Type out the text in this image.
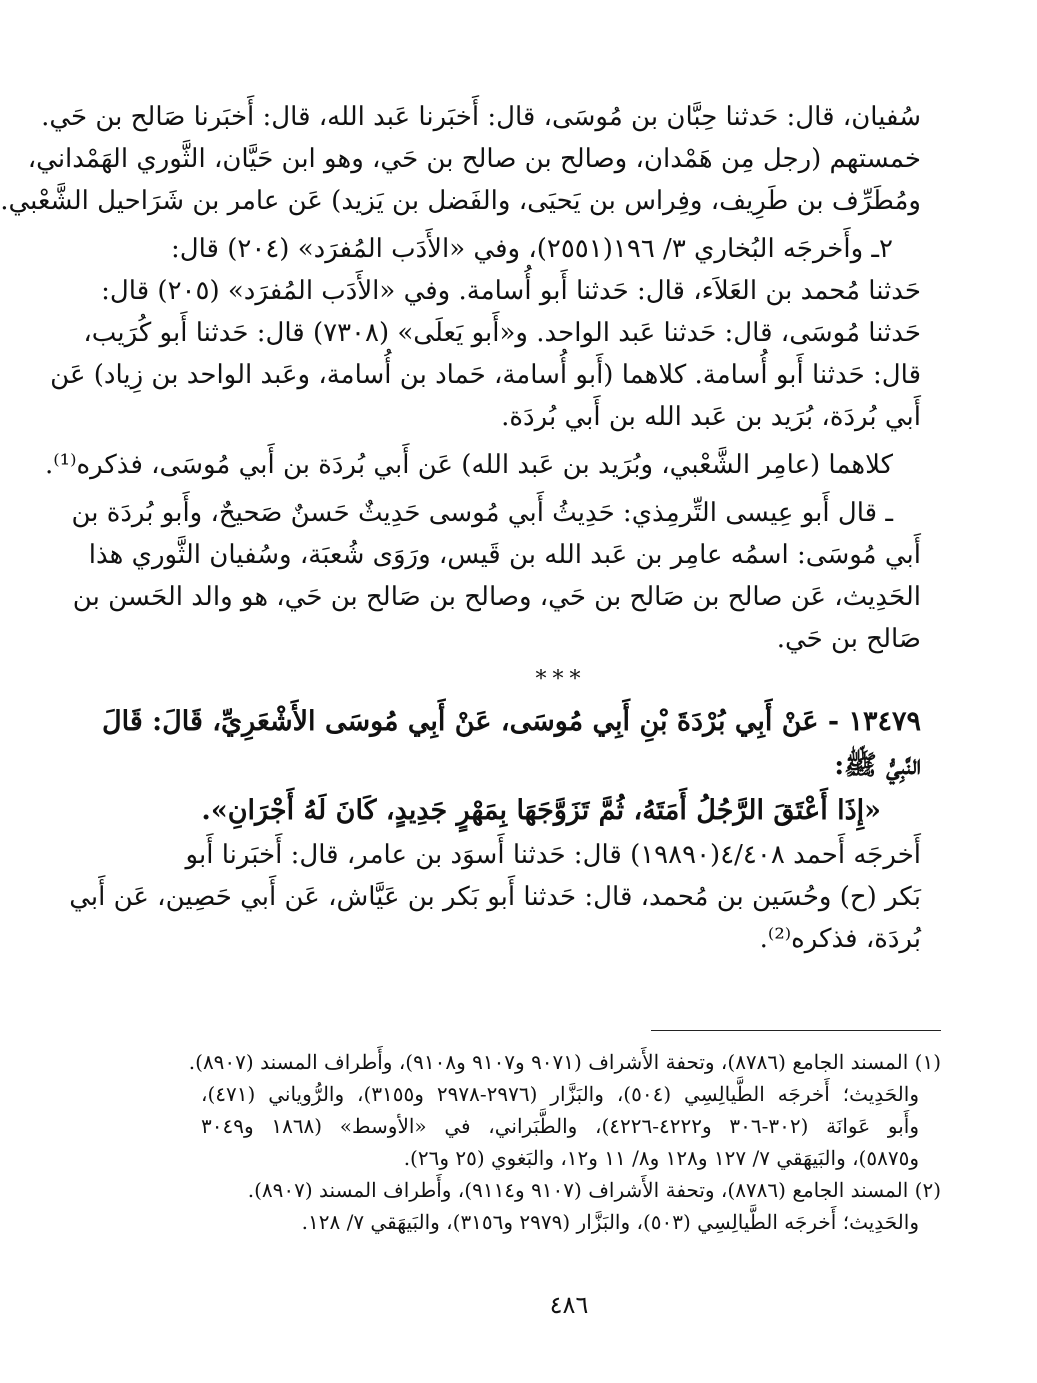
سُفيان، قال: حَدثنا حِبَّان بن مُوسَى، قال: أَخبَرنا عَبد الله، قال: أَخبَرنا صَالح بن حَي.
خمستهم (رجل مِن هَمْدان، وصالح بن صالح بن حَي، وهو ابن حَيَّان، الثَّوري الهَمْداني،
ومُطَرِّف بن طَرِيف، وفِراس بن يَحيَى، والفَضل بن يَزيد) عَن عامر بن شَرَاحيل الشَّعْبي.
٢ـ وأَخرجَه البُخاري ٣/ ١٩٦(٢٥٥١)، وفي «الأَدَب المُفرَد» (٢٠٤) قال:
حَدثنا مُحمد بن العَلاَء، قال: حَدثنا أَبو أُسامة. وفي «الأَدَب المُفرَد» (٢٠٥) قال:
حَدثنا مُوسَى، قال: حَدثنا عَبد الواحد. و«أَبو يَعلَى» (٧٣٠٨) قال: حَدثنا أَبو كُرَيب،
قال: حَدثنا أَبو أُسامة. كلاهما (أَبو أُسامة، حَماد بن أُسامة، وعَبد الواحد بن زِياد) عَن
أَبي بُردَة، بُرَيد بن عَبد الله بن أَبي بُردَة.
كلاهما (عامِر الشَّعْبي، وبُرَيد بن عَبد الله) عَن أَبي بُردَة بن أَبي مُوسَى، فذكره⁽¹⁾.
ـ قال أَبو عِيسى التِّرمِذي: حَدِيثُ أَبي مُوسى حَدِيثٌ حَسنٌ صَحيحٌ، وأَبو بُردَة بن
أَبي مُوسَى: اسمُه عامِر بن عَبد الله بن قَيس، ورَوَى شُعبَة، وسُفيان الثَّوري هذا
الحَدِيث، عَن صالح بن صَالح بن حَي، وصالح بن صَالح بن حَي، هو والد الحَسن بن
صَالح بن حَي.
***
١٣٤٧٩ - عَنْ أَبِي بُرْدَةَ بْنِ أَبِي مُوسَى، عَنْ أَبِي مُوسَى الأَشْعَرِيِّ، قَالَ: قَالَ
النَّبِيُّ ﷺ:
«إِذَا أَعْتَقَ الرَّجُلُ أَمَتَهُ، ثُمَّ تَزَوَّجَهَا بِمَهْرٍ جَدِيدٍ، كَانَ لَهُ أَجْرَانِ».
أَخرجَه أَحمد ٤/٤٠٨(١٩٨٩٠) قال: حَدثنا أَسوَد بن عامر، قال: أَخبَرنا أَبو
بَكر (ح) وحُسَين بن مُحمد، قال: حَدثنا أَبو بَكر بن عَيَّاش، عَن أَبي حَصِين، عَن أَبي
بُردَة، فذكره⁽²⁾.
(١) المسند الجامع (٨٧٨٦)، وتحفة الأَشراف (٩٠٧١ و٩١٠٧ و٩١٠٨)، وأَطراف المسند (٨٩٠٧).
والحَدِيث؛ أَخرجَه الطَّيالِسِي (٥٠٤)، والبَزَّار (٢٩٧٦-٢٩٧٨ و٣١٥٥)، والرُّوياني (٤٧١)،
وأَبو عَوانَة (٣٠٢-٣٠٦ و٤٢٢٢-٤٢٢٦)، والطَّبَراني، في «الأوسط» (١٨٦٨ و٣٠٤٩
و٥٨٧٥)، والبَيهَقي ٧/ ١٢٧ و١٢٨ و٨/ ١١ و١٢، والبَغوي (٢٥ و٢٦).
(٢) المسند الجامع (٨٧٨٦)، وتحفة الأَشراف (٩١٠٧ و٩١١٤)، وأَطراف المسند (٨٩٠٧).
والحَدِيث؛ أَخرجَه الطَّيالِسِي (٥٠٣)، والبَزَّار (٢٩٧٩ و٣١٥٦)، والبَيهَقي ٧/ ١٢٨.
٤٨٦
